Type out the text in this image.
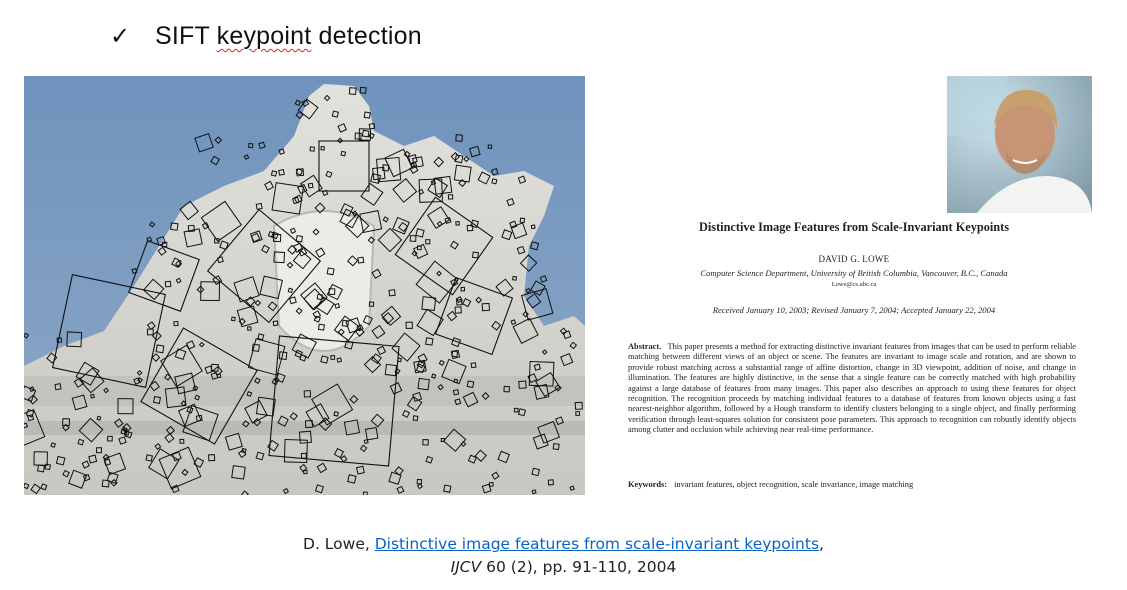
✓ SIFT keypoint detection
Distinctive Image Features from Scale-Invariant Keypoints
DAVID G. LOWE
Computer Science Department, University of British Columbia, Vancouver, B.C., Canada
Lowe@cs.ubc.ca
Received January 10, 2003; Revised January 7, 2004; Accepted January 22, 2004
Abstract. This paper presents a method for extracting distinctive invariant features from images that can be used to perform reliable matching between different views of an object or scene. The features are invariant to image scale and rotation, and are shown to provide robust matching across a substantial range of affine distortion, change in 3D viewpoint, addition of noise, and change in illumination. The features are highly distinctive, in the sense that a single feature can be correctly matched with high probability against a large database of features from many images. This paper also describes an approach to using these features for object recognition. The recognition proceeds by matching individual features to a database of features from known objects using a fast nearest-neighbor algorithm, followed by a Hough transform to identify clusters belonging to a single object, and finally performing verification through least-squares solution for consistent pose parameters. This approach to recognition can robustly identify objects among clutter and occlusion while achieving near real-time performance.
Keywords: invariant features, object recognition, scale invariance, image matching
D. Lowe, Distinctive image features from scale-invariant keypoints,
IJCV 60 (2), pp. 91-110, 2004
